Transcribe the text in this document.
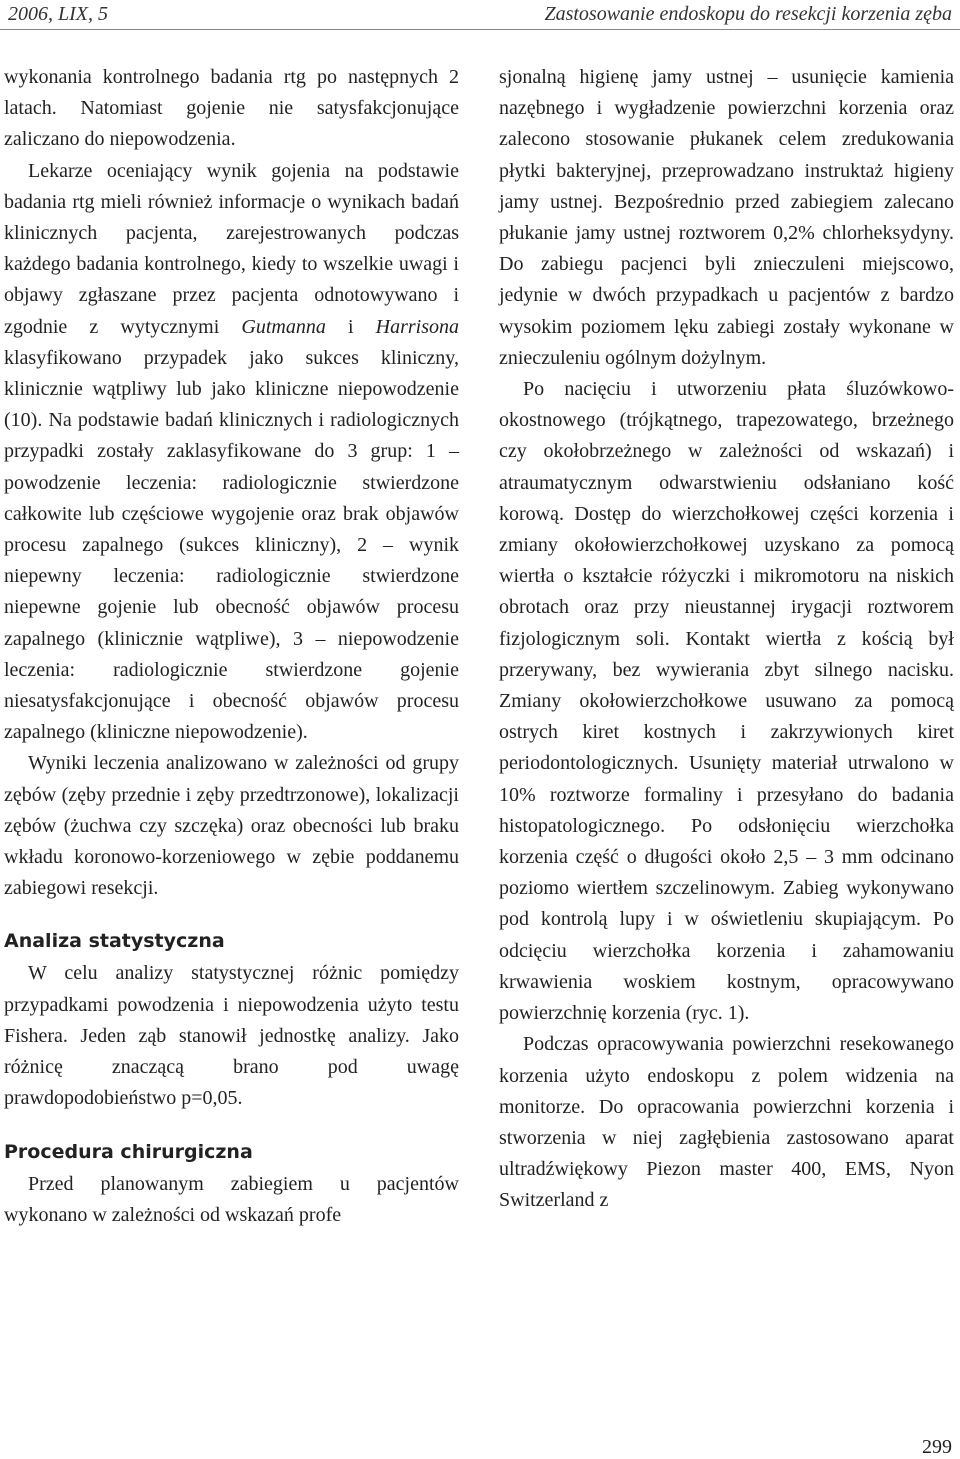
2006, LIX, 5	Zastosowanie endoskopu do resekcji korzenia zęba

wykonania kontrolnego badania rtg po następnych 2 latach. Natomiast gojenie nie satysfakcjonujące zaliczano do niepowodzenia.

Lekarze oceniający wynik gojenia na podstawie badania rtg mieli również informacje o wynikach badań klinicznych pacjenta, zarejestrowanych podczas każdego badania kontrolnego, kiedy to wszelkie uwagi i objawy zgłaszane przez pacjenta odnotowywano i zgodnie z wytycznymi Gutmanna i Harrisona klasyfikowano przypadek jako sukces kliniczny, klinicznie wątpliwy lub jako kliniczne niepowodzenie (10). Na podstawie badań klinicznych i radiologicznych przypadki zostały zaklasyfikowane do 3 grup: 1 – powodzenie leczenia: radiologicznie stwierdzone całkowite lub częściowe wygojenie oraz brak objawów procesu zapalnego (sukces kliniczny), 2 – wynik niepewny leczenia: radiologicznie stwierdzone niepewne gojenie lub obecność objawów procesu zapalnego (klinicznie wątpliwe), 3 – niepowodzenie leczenia: radiologicznie stwierdzone gojenie niesatysfakcjonujące i obecność objawów procesu zapalnego (kliniczne niepowodzenie).

Wyniki leczenia analizowano w zależności od grupy zębów (zęby przednie i zęby przedtrzonowe), lokalizacji zębów (żuchwa czy szczęka) oraz obecności lub braku wkładu koronowo-korzeniowego w zębie poddanemu zabiegowi resekcji.

Analiza statystyczna

W celu analizy statystycznej różnic pomiędzy przypadkami powodzenia i niepowodzenia użyto testu Fishera. Jeden ząb stanowił jednostkę analizy. Jako różnicę znaczącą brano pod uwagę prawdopodobieństwo p=0,05.

Procedura chirurgiczna

Przed planowanym zabiegiem u pacjentów wykonano w zależności od wskazań profe

sjonalną higienę jamy ustnej – usunięcie kamienia nazębnego i wygładzenie powierzchni korzenia oraz zalecono stosowanie płukanek celem zredukowania płytki bakteryjnej, przeprowadzano instruktaż higieny jamy ustnej. Bezpośrednio przed zabiegiem zalecano płukanie jamy ustnej roztworem 0,2% chlorheksydyny. Do zabiegu pacjenci byli znieczuleni miejscowo, jedynie w dwóch przypadkach u pacjentów z bardzo wysokim poziomem lęku zabiegi zostały wykonane w znieczuleniu ogólnym dożylnym.

Po nacięciu i utworzeniu płata śluzówkowo-okostnowego (trójkątnego, trapezowatego, brzeżnego czy okołobrzeżnego w zależności od wskazań) i atraumatycznym odwarstwieniu odsłaniano kość korową. Dostęp do wierzchołkowej części korzenia i zmiany okołowierzchołkowej uzyskano za pomocą wiertła o kształcie różyczki i mikromotoru na niskich obrotach oraz przy nieustannej irygacji roztworem fizjologicznym soli. Kontakt wiertła z kością był przerywany, bez wywierania zbyt silnego nacisku. Zmiany okołowierzchołkowe usuwano za pomocą ostrych kiret kostnych i zakrzywionych kiret periodontologicznych. Usunięty materiał utrwalono w 10% roztworze formaliny i przesyłano do badania histopatologicznego. Po odsłonięciu wierzchołka korzenia część o długości około 2,5 – 3 mm odcinano poziomo wiertłem szczelinowym. Zabieg wykonywano pod kontrolą lupy i w oświetleniu skupiającym. Po odcięciu wierzchołka korzenia i zahamowaniu krwawienia woskiem kostnym, opracowywano powierzchnię korzenia (ryc. 1).

Podczas opracowywania powierzchni resekowanego korzenia użyto endoskopu z polem widzenia na monitorze. Do opracowania powierzchni korzenia i stworzenia w niej zagłębienia zastosowano aparat ultradźwiękowy Piezon master 400, EMS, Nyon Switzerland z

299
